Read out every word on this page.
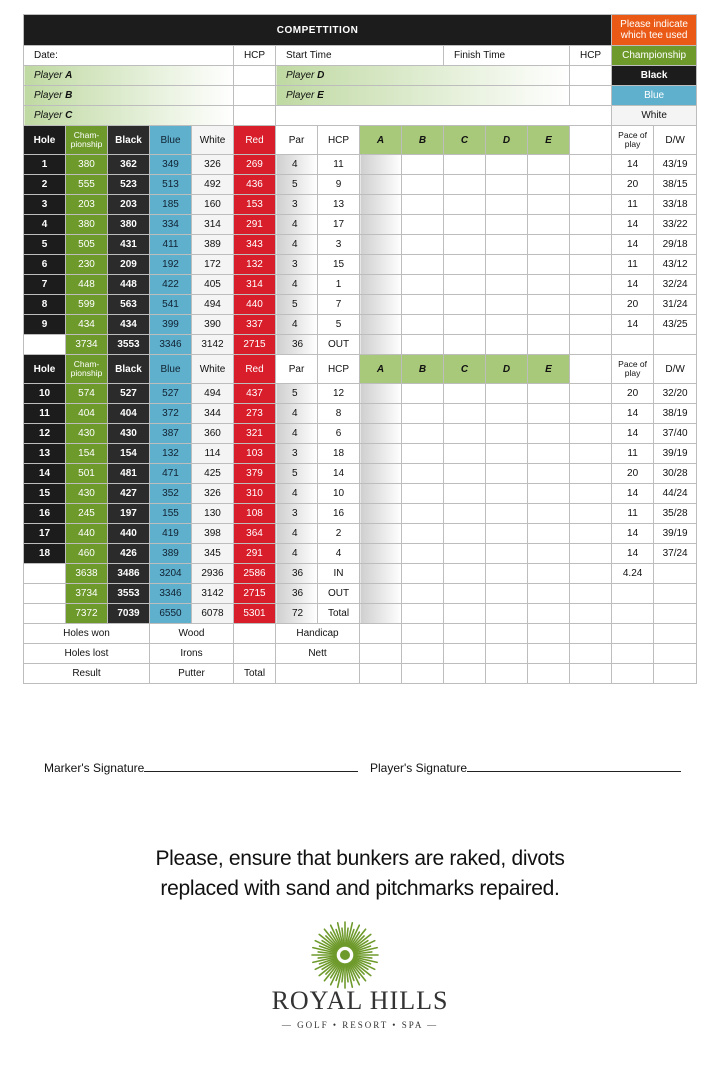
COMPETTITION														Please indicate which tee used	
Date:					HCP	Start Time				Finish Time			HCP	Championship	
Player A						Player D								Black	
Player B						Player E								Blue	
Player C														White	
Hole	Cham-pionship	Black	Blue	White	Red	Par	HCP	A	B	C	D	E		Pace of play	D/W
1	380	362	349	326	269	4	11							14	43/19
2	555	523	513	492	436	5	9							20	38/15
3	203	203	185	160	153	3	13							11	33/18
4	380	380	334	314	291	4	17							14	33/22
5	505	431	411	389	343	4	3							14	29/18
6	230	209	192	172	132	3	15							11	43/12
7	448	448	422	405	314	4	1							14	32/24
8	599	563	541	494	440	5	7							20	31/24
9	434	434	399	390	337	4	5							14	43/25
	3734	3553	3346	3142	2715	36	OUT								
Hole	Cham-pionship	Black	Blue	White	Red	Par	HCP	A	B	C	D	E		Pace of play	D/W
10	574	527	527	494	437	5	12							20	32/20
11	404	404	372	344	273	4	8							14	38/19
12	430	430	387	360	321	4	6							14	37/40
13	154	154	132	114	103	3	18							11	39/19
14	501	481	471	425	379	5	14							20	30/28
15	430	427	352	326	310	4	10							14	44/24
16	245	197	155	130	108	3	16							11	35/28
17	440	440	419	398	364	4	2							14	39/19
18	460	426	389	345	291	4	4							14	37/24
	3638	3486	3204	2936	2586	36	IN							4.24	
	3734	3553	3346	3142	2715	36	OUT								
	7372	7039	6550	6078	5301	72	Total								
Holes won			Wood			Handicap									
Holes lost			Irons			Nett									
Result			Putter		Total										
Marker's Signature	Player's Signature
Please, ensure that bunkers are raked, divots
replaced with sand and pitchmarks repaired.
ROYAL HILLS
— GOLF • RESORT • SPA —
